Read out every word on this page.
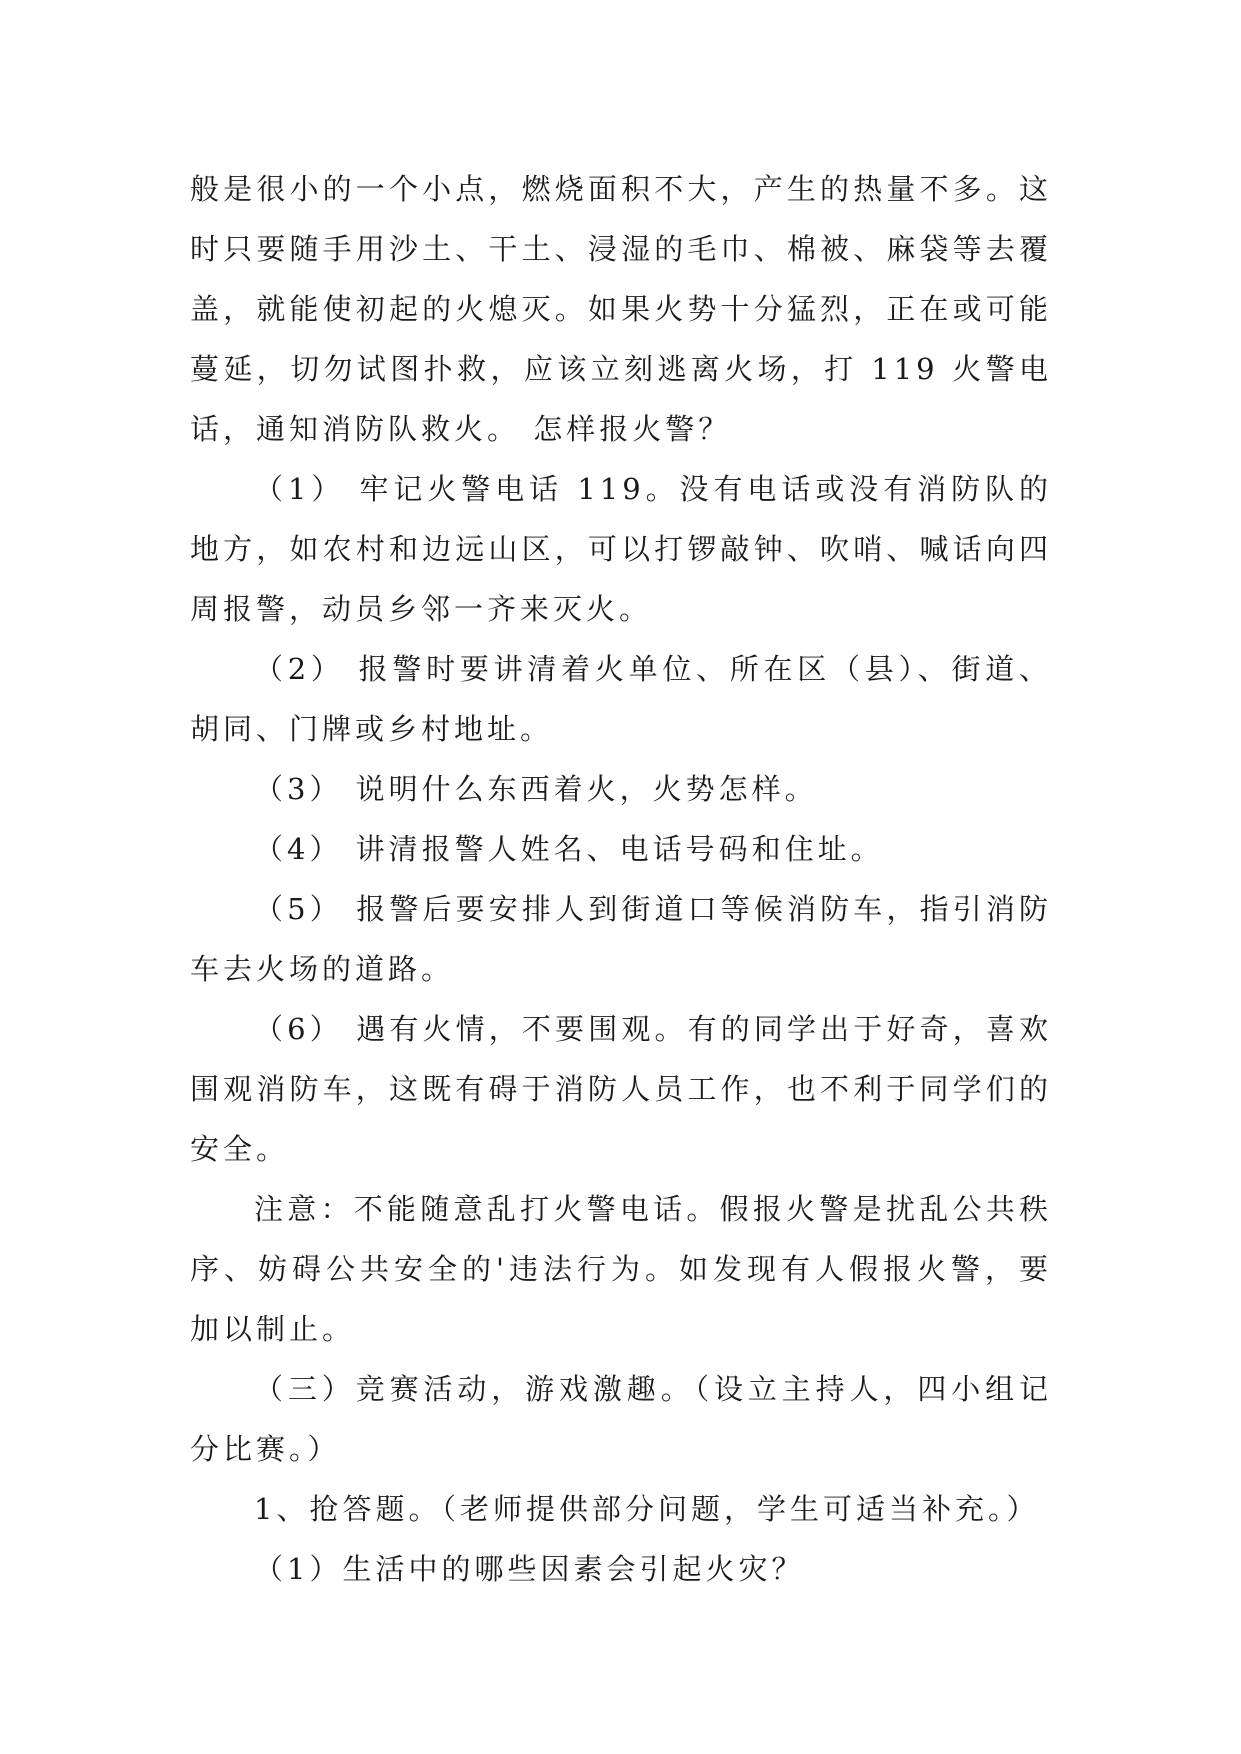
般是很小的一个小点，燃烧面积不大，产生的热量不多。这时只要随手用沙土、干土、浸湿的毛巾、棉被、麻袋等去覆盖，就能使初起的火熄灭。如果火势十分猛烈，正在或可能蔓延，切勿试图扑救，应该立刻逃离火场，打 119 火警电话，通知消防队救火。 怎样报火警？

（1） 牢记火警电话 119。没有电话或没有消防队的地方，如农村和边远山区，可以打锣敲钟、吹哨、喊话向四周报警，动员乡邻一齐来灭火。

（2） 报警时要讲清着火单位、所在区（县）、街道、胡同、门牌或乡村地址。

（3） 说明什么东西着火，火势怎样。

（4） 讲清报警人姓名、电话号码和住址。

（5） 报警后要安排人到街道口等候消防车，指引消防车去火场的道路。

（6） 遇有火情，不要围观。有的同学出于好奇，喜欢围观消防车，这既有碍于消防人员工作，也不利于同学们的安全。

注意：不能随意乱打火警电话。假报火警是扰乱公共秩序、妨碍公共安全的'违法行为。如发现有人假报火警，要加以制止。

（三）竞赛活动，游戏激趣。（设立主持人，四小组记分比赛。）

1、抢答题。（老师提供部分问题，学生可适当补充。）

（1）生活中的哪些因素会引起火灾？
